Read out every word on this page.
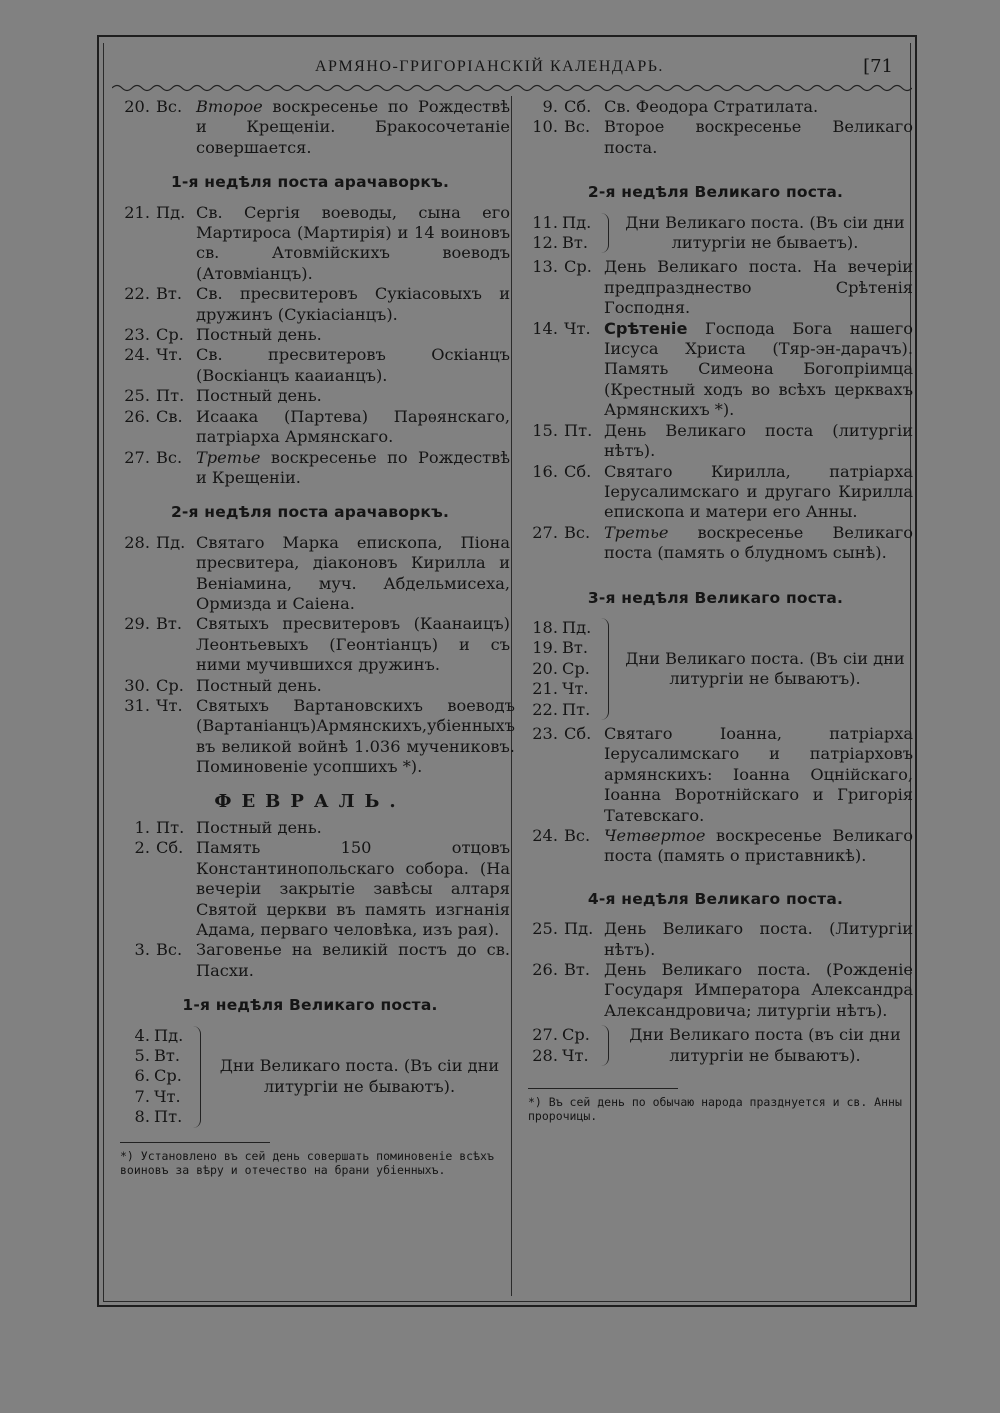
АРМЯНО-ГРИГОРІАНСКІЙ КАЛЕНДАРЬ.	[71
20. Вс. Второе воскресенье по Рождествѣ и Крещеніи. Бракосочетаніе совершается.
1-я недѣля поста арачаворкъ.
21. Пд. Св. Сергія воеводы, сына его Мартироса (Мартирія) и 14 воиновъ св. Атовмійскихъ воеводъ (Атовміанцъ).
22. Вт. Св. пресвитеровъ Сукіасовыхъ и дружинъ (Сукіасіанцъ).
23. Ср. Постный день.
24. Чт. Св. пресвитеровъ Оскіанцъ (Воскіанцъ кааианцъ).
25. Пт. Постный день.
26. Св. Исаака (Партева) Парѳянскаго, патріарха Армянскаго.
27. Вс. Третье воскресенье по Рождествѣ и Крещеніи.
2-я недѣля поста арачаворкъ.
28. Пд. Святаго Марка епископа, Піона пресвитера, діаконовъ Кирилла и Веніамина, муч. Абдельмисеха, Ормизда и Саіена.
29. Вт. Святыхъ пресвитеровъ (Каанаицъ) Леонтьевыхъ (Геонтіанцъ) и съ ними мучившихся дружинъ.
30. Ср. Постный день.
31. Чт. Святыхъ Вартановскихъ воеводъ (Вартаніанцъ)Армянскихъ,убіенныхъ въ великой войнѣ 1.036 мучениковъ. Поминовеніе усопшихъ *).
ФЕВРАЛЬ.
1. Пт. Постный день.
2. Сб. Память 150 отцовъ Константинопольскаго собора. (На вечеріи закрытіе завѣсы алтаря Святой церкви въ память изгнанія Адама, перваго человѣка, изъ рая).
3. Вс. Заговенье на великій постъ до св. Пасхи.
1-я недѣля Великаго поста.
4. Пд.
5. Вт.
6. Ср.
7. Чт.
8. Пт.
Дни Великаго поста. (Въ сіи дни литургіи не бываютъ).
*) Установлено въ сей день совершать поминовеніе всѣхъ воиновъ за вѣру и отечество на брани убіенныхъ.
9. Сб. Св. Феодора Стратилата.
10. Вс. Второе воскресенье Великаго поста.
2-я недѣля Великаго поста.
11. Пд.
12. Вт.
Дни Великаго поста. (Въ сіи дни литургіи не бываетъ).
13. Ср. День Великаго поста. На вечеріи предпразднество Срѣтенія Господня.
14. Чт. Срѣтеніе Господа Бога нашего Іисуса Христа (Тяр-эн-дарачъ). Память Симеона Богопріимца (Крестный ходъ во всѣхъ церквахъ Армянскихъ *).
15. Пт. День Великаго поста (литургіи нѣтъ).
16. Сб. Святаго Кирилла, патріарха Іерусалимскаго и другаго Кирилла епископа и матери его Анны.
27. Вс. Третье воскресенье Великаго поста (память о блудномъ сынѣ).
3-я недѣля Великаго поста.
18. Пд.
19. Вт.
20. Ср.
21. Чт.
22. Пт.
Дни Великаго поста. (Въ сіи дни литургіи не бываютъ).
23. Сб. Святаго Іоанна, патріарха Іерусалимскаго и патріарховъ армянскихъ: Іоанна Оцнійскаго, Іоанна Воротнійскаго и Григорія Татевскаго.
24. Вс. Четвертое воскресенье Великаго поста (память о приставникѣ).
4-я недѣля Великаго поста.
25. Пд. День Великаго поста. (Литургіи нѣтъ).
26. Вт. День Великаго поста. (Рожденіе Государя Императора Александра Александровича; литургіи нѣтъ).
27. Ср.
28. Чт.
Дни Великаго поста (въ сіи дни литургіи не бываютъ).
*) Въ сей день по обычаю народа празднуется и св. Анны пророчицы.
